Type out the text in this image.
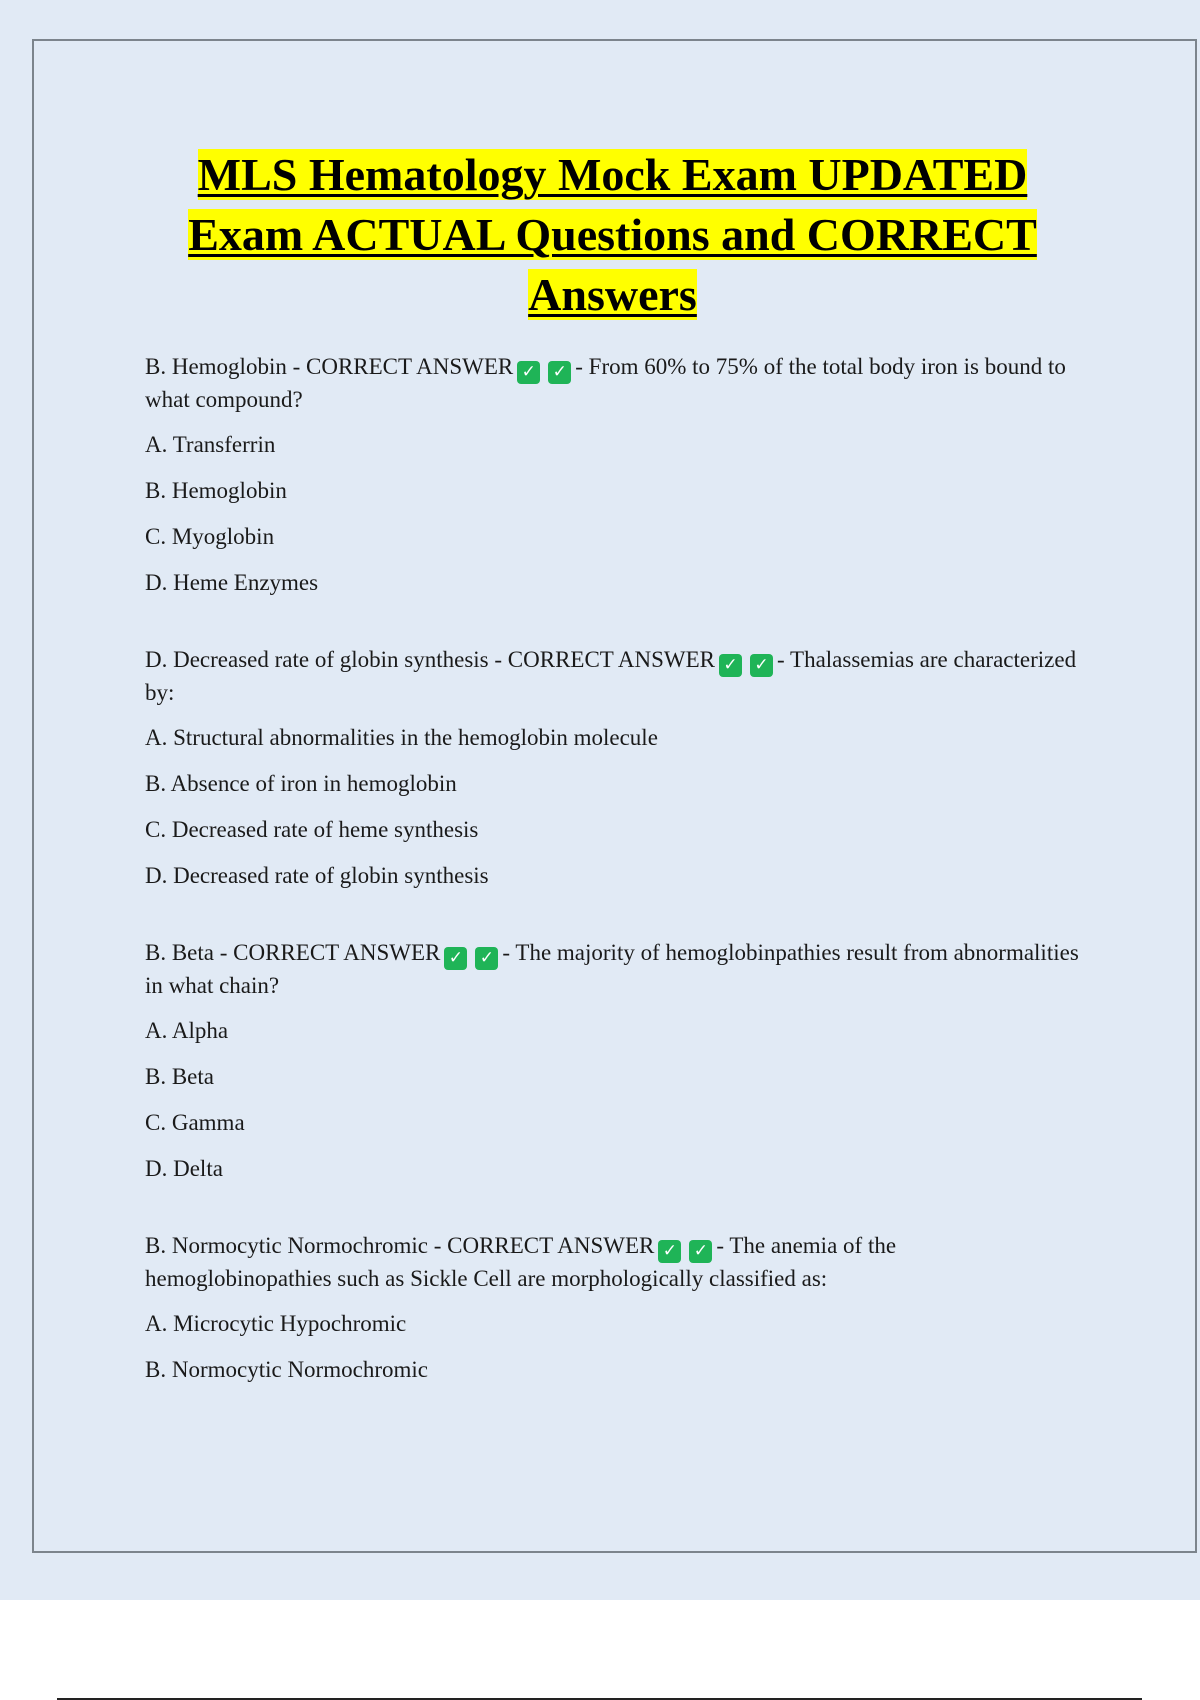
MLS Hematology Mock Exam UPDATED Exam ACTUAL Questions and CORRECT Answers

B. Hemoglobin - CORRECT ANSWER ✓ ✓ - From 60% to 75% of the total body iron is bound to what compound?

A. Transferrin

B. Hemoglobin

C. Myoglobin

D. Heme Enzymes

D. Decreased rate of globin synthesis - CORRECT ANSWER ✓ ✓ - Thalassemias are characterized by:

A. Structural abnormalities in the hemoglobin molecule

B. Absence of iron in hemoglobin

C. Decreased rate of heme synthesis

D. Decreased rate of globin synthesis

B. Beta - CORRECT ANSWER ✓ ✓ - The majority of hemoglobinpathies result from abnormalities in what chain?

A. Alpha

B. Beta

C. Gamma

D. Delta

B. Normocytic Normochromic - CORRECT ANSWER ✓ ✓ - The anemia of the hemoglobinopathies such as Sickle Cell are morphologically classified as:

A. Microcytic Hypochromic

B. Normocytic Normochromic
